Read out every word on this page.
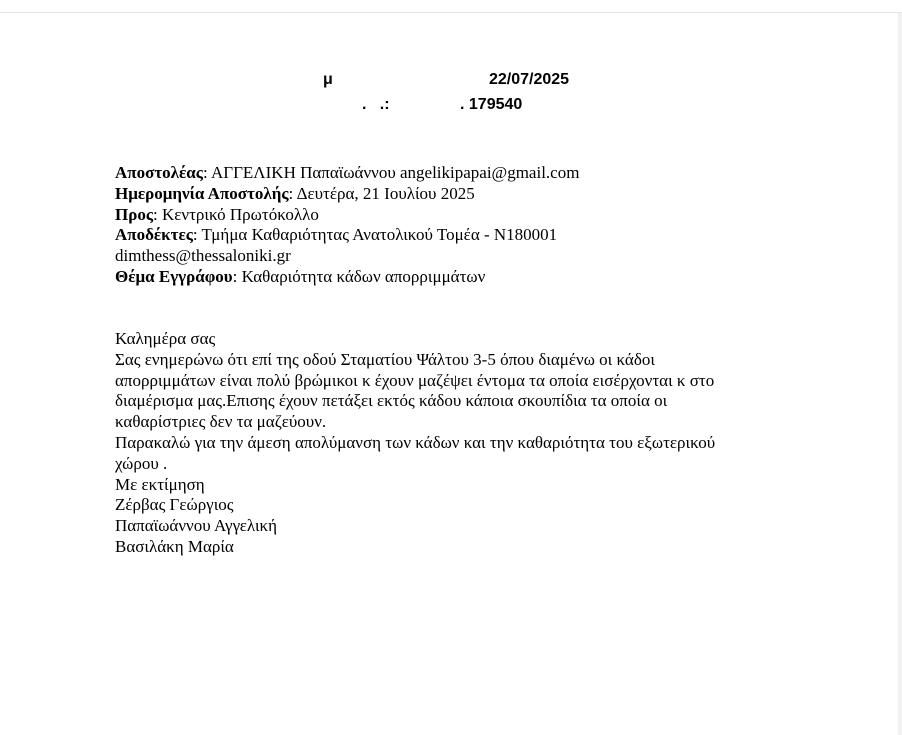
μ	22/07/2025
.   .:	. 179540
Αποστολέας: ΑΓΓΕΛΙΚΗ Παπαϊωάννου angelikipapai@gmail.com
Ημερομηνία Αποστολής: Δευτέρα, 21 Ιουλίου 2025
Προς: Κεντρικό Πρωτόκολλο
Αποδέκτες: Τμήμα Καθαριότητας Ανατολικού Τομέα - N180001
dimthess@thessaloniki.gr
Θέμα Εγγράφου: Καθαριότητα κάδων απορριμμάτων
Καλημέρα σας
Σας ενημερώνω ότι επί της οδού Σταματίου Ψάλτου 3-5 όπου διαμένω οι κάδοι
απορριμμάτων είναι πολύ βρώμικοι κ έχουν μαζέψει έντομα τα οποία εισέρχονται κ στο
διαμέρισμα μας.Επισης έχουν πετάξει εκτός κάδου κάποια σκουπίδια τα οποία οι
καθαρίστριες δεν τα μαζεύουν.
Παρακαλώ για την άμεση απολύμανση των κάδων και την καθαριότητα του εξωτερικού
χώρου .
Με εκτίμηση
Ζέρβας Γεώργιος
Παπαϊωάννου Αγγελική
Βασιλάκη Μαρία
